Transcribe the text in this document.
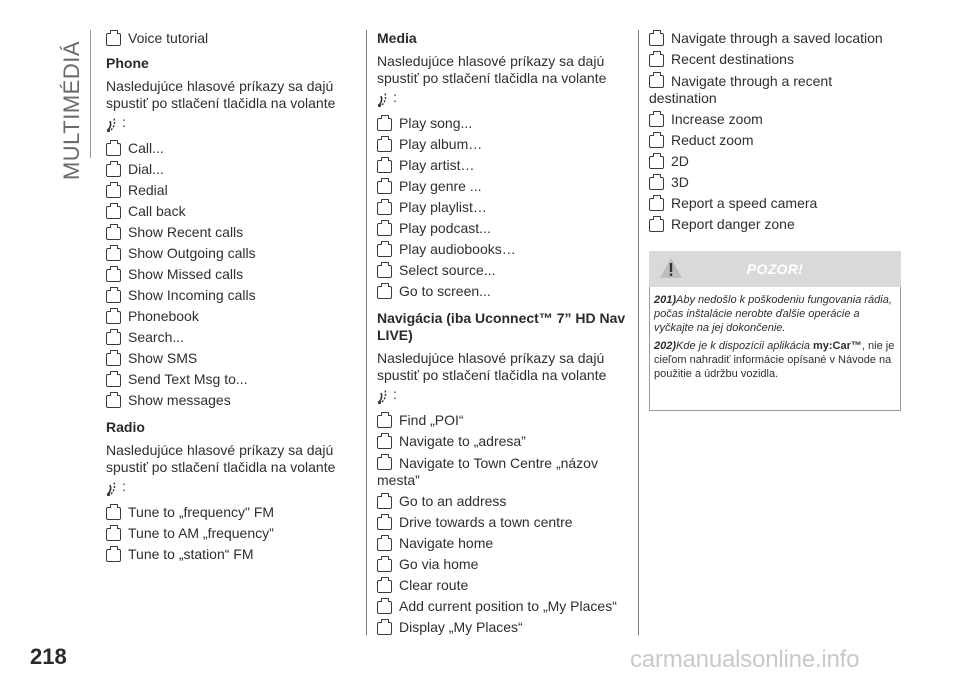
MULTIMÉDIÁ
Voice tutorial
Phone
Nasledujúce hlasové príkazy sa dajú spustiť po stlačení tlačidla na volante
:
Call...
Dial...
Redial
Call back
Show Recent calls
Show Outgoing calls
Show Missed calls
Show Incoming calls
Phonebook
Search...
Show SMS
Send Text Msg to...
Show messages
Radio
Nasledujúce hlasové príkazy sa dajú spustiť po stlačení tlačidla na volante
:
Tune to „frequency" FM
Tune to AM „frequency”
Tune to „station“ FM
Media
Nasledujúce hlasové príkazy sa dajú spustiť po stlačení tlačidla na volante
:
Play song...
Play album…
Play artist…
Play genre ...
Play playlist…
Play podcast...
Play audiobooks…
Select source...
Go to screen...
Navigácia (iba Uconnect™ 7” HD Nav LIVE)
Nasledujúce hlasové príkazy sa dajú spustiť po stlačení tlačidla na volante
:
Find „POI“
Navigate to „adresa”
Navigate to Town Centre „názov mesta”
Go to an address
Drive towards a town centre
Navigate home
Go via home
Clear route
Add current position to „My Places“
Display „My Places“
Navigate through a saved location
Recent destinations
Navigate through a recent destination
Increase zoom
Reduct zoom
2D
3D
Report a speed camera
Report danger zone
POZOR!

201)Aby nedošlo k poškodeniu fungovania rádia, počas inštalácie nerobte ďalšie operácie a vyčkajte na jej dokončenie.

202)Kde je k dispozícii aplikácia my:Car™, nie je cieľom nahradiť informácie opísané v Návode na použitie a údržbu vozidla.

218	carmanualsonline.info
